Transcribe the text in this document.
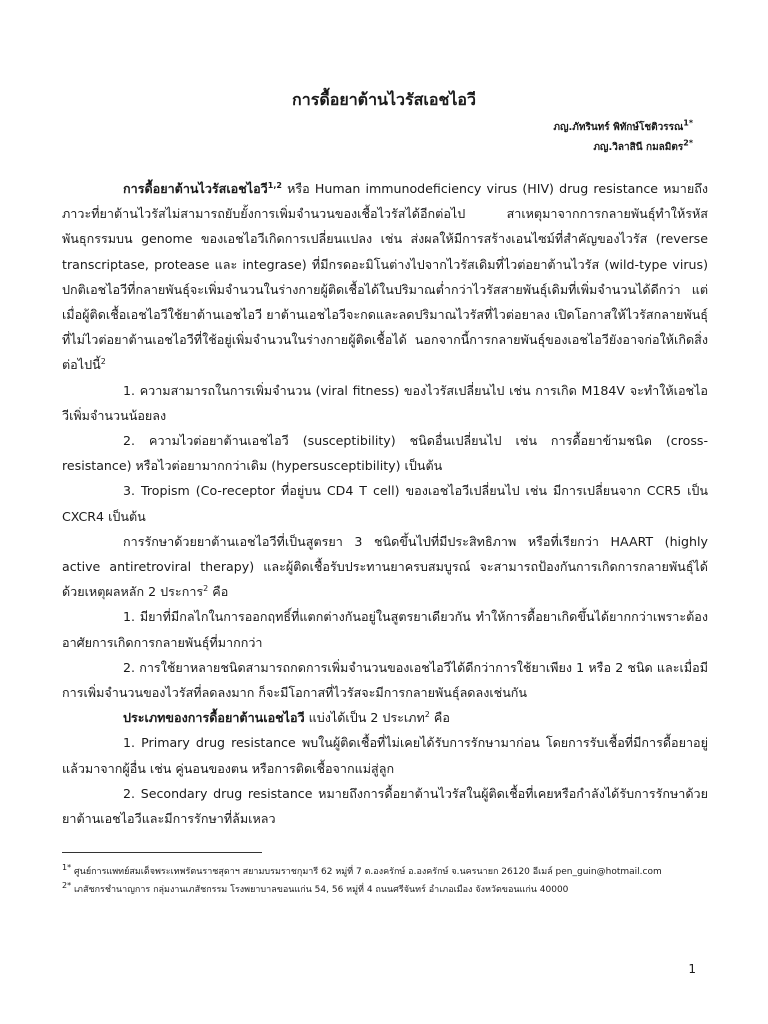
การดื้อยาต้านไวรัสเอชไอวี
ภญ.ภัทรินทร์ พิทักษ์โชติวรรณ$^{1*}$
ภญ.วิลาสินี กมลมิตร$^{2*}$

การดื้อยาต้านไวรัสเอชไอวี$^{1,2}$ หรือ Human immunodeficiency virus (HIV) drug resistance หมายถึงภาวะที่ยาต้านไวรัสไม่สามารถยับยั้งการเพิ่มจำนวนของเชื้อไวรัสได้อีกต่อไป สาเหตุมาจากการกลายพันธุ์ทำให้รหัสพันธุกรรมบน genome ของเอชไอวีเกิดการเปลี่ยนแปลง เช่น ส่งผลให้มีการสร้างเอนไซม์ที่สำคัญของไวรัส (reverse transcriptase, protease และ integrase) ที่มีกรดอะมิโนต่างไปจากไวรัสเดิมที่ไวต่อยาต้านไวรัส (wild-type virus) ปกติเอชไอวีที่กลายพันธุ์จะเพิ่มจำนวนในร่างกายผู้ติดเชื้อได้ในปริมาณต่ำกว่าไวรัสสายพันธุ์เดิมที่เพิ่มจำนวนได้ดีกว่า แต่เมื่อผู้ติดเชื้อเอชไอวีใช้ยาต้านเอชไอวี ยาต้านเอชไอวีจะกดและลดปริมาณไวรัสที่ไวต่อยาลง เปิดโอกาสให้ไวรัสกลายพันธุ์ที่ไม่ไวต่อยาต้านเอชไอวีที่ใช้อยู่เพิ่มจำนวนในร่างกายผู้ติดเชื้อได้ นอกจากนี้การกลายพันธุ์ของเอชไอวียังอาจก่อให้เกิดสิ่งต่อไปนี้$^2$

1. ความสามารถในการเพิ่มจำนวน (viral fitness) ของไวรัสเปลี่ยนไป เช่น การเกิด M184V จะทำให้เอชไอวีเพิ่มจำนวนน้อยลง

2. ความไวต่อยาต้านเอชไอวี (susceptibility) ชนิดอื่นเปลี่ยนไป เช่น การดื้อยาข้ามชนิด (cross-resistance) หรือไวต่อยามากกว่าเดิม (hypersusceptibility) เป็นต้น

3. Tropism (Co-receptor ที่อยู่บน CD4 T cell) ของเอชไอวีเปลี่ยนไป เช่น มีการเปลี่ยนจาก CCR5 เป็น CXCR4 เป็นต้น

การรักษาด้วยยาต้านเอชไอวีที่เป็นสูตรยา 3 ชนิดขึ้นไปที่มีประสิทธิภาพ หรือที่เรียกว่า HAART (highly active antiretroviral therapy) และผู้ติดเชื้อรับประทานยาครบสมบูรณ์ จะสามารถป้องกันการเกิดการกลายพันธุ์ได้ด้วยเหตุผลหลัก 2 ประการ$^2$ คือ

1. มียาที่มีกลไกในการออกฤทธิ์ที่แตกต่างกันอยู่ในสูตรยาเดียวกัน ทำให้การดื้อยาเกิดขึ้นได้ยากกว่าเพราะต้องอาศัยการเกิดการกลายพันธุ์ที่มากกว่า

2. การใช้ยาหลายชนิดสามารถกดการเพิ่มจำนวนของเอชไอวีได้ดีกว่าการใช้ยาเพียง 1 หรือ 2 ชนิด และเมื่อมีการเพิ่มจำนวนของไวรัสที่ลดลงมาก ก็จะมีโอกาสที่ไวรัสจะมีการกลายพันธุ์ลดลงเช่นกัน

ประเภทของการดื้อยาต้านเอชไอวี แบ่งได้เป็น 2 ประเภท$^2$ คือ

1. Primary drug resistance พบในผู้ติดเชื้อที่ไม่เคยได้รับการรักษามาก่อน โดยการรับเชื้อที่มีการดื้อยาอยู่แล้วมาจากผู้อื่น เช่น คู่นอนของตน หรือการติดเชื้อจากแม่สู่ลูก

2. Secondary drug resistance หมายถึงการดื้อยาต้านไวรัสในผู้ติดเชื้อที่เคยหรือกำลังได้รับการรักษาด้วยยาต้านเอชไอวีและมีการรักษาที่ล้มเหลว

$^{1*}$ ศูนย์การแพทย์สมเด็จพระเทพรัตนราชสุดาฯ สยามบรมราชกุมารี 62 หมู่ที่ 7 ต.องครักษ์ อ.องครักษ์ จ.นครนายก 26120 อีเมล์ pen_guin@hotmail.com
$^{2*}$ เภสัชกรชำนาญการ กลุ่มงานเภสัชกรรม โรงพยาบาลขอนแก่น 54, 56 หมู่ที่ 4 ถนนศรีจันทร์ อำเภอเมือง จังหวัดขอนแก่น 40000
1
